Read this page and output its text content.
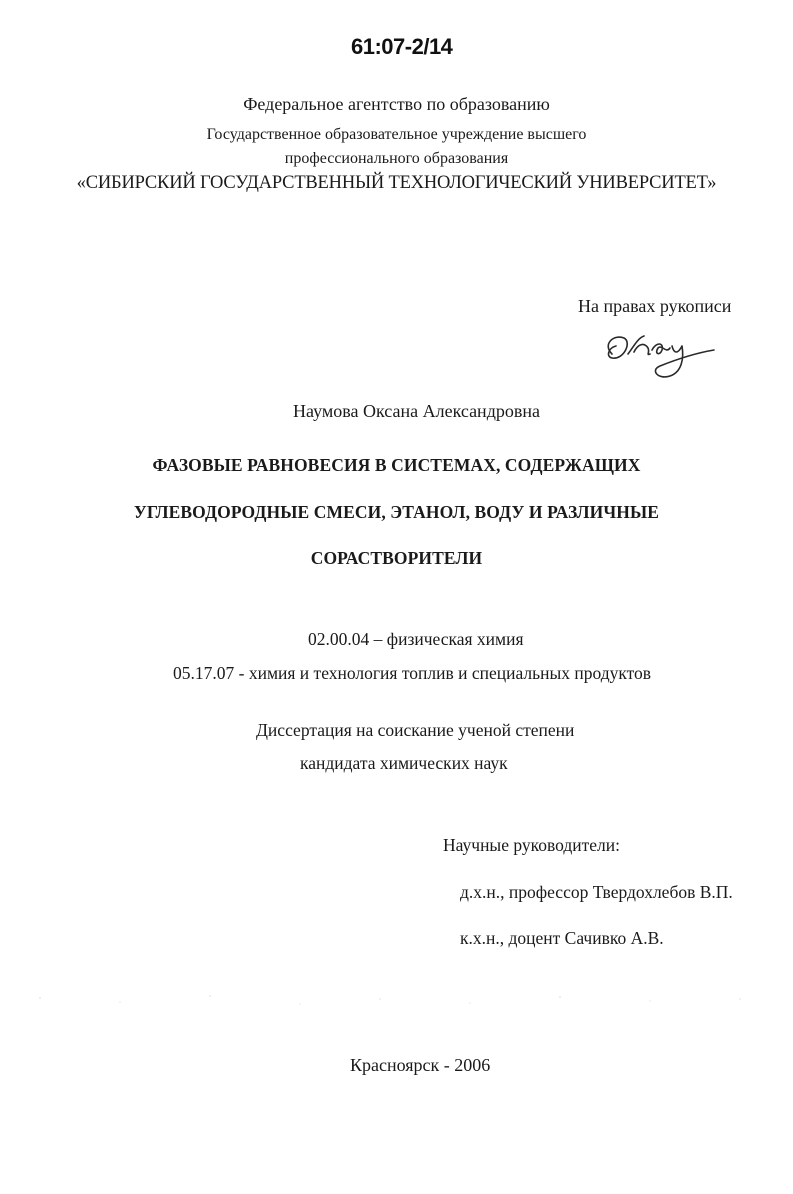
61:07-2/14
Федеральное агентство по образованию
Государственное образовательное учреждение высшего
профессионального образования
«СИБИРСКИЙ ГОСУДАРСТВЕННЫЙ ТЕХНОЛОГИЧЕСКИЙ УНИВЕРСИТЕТ»
На правах рукописи
Наумова Оксана Александровна
ФАЗОВЫЕ РАВНОВЕСИЯ В СИСТЕМАХ, СОДЕРЖАЩИХ
УГЛЕВОДОРОДНЫЕ СМЕСИ, ЭТАНОЛ, ВОДУ И РАЗЛИЧНЫЕ
СОРАСТВОРИТЕЛИ
02.00.04 – физическая химия
05.17.07 - химия и технология топлив и специальных продуктов
Диссертация на соискание ученой степени
кандидата химических наук
Научные руководители:
д.х.н., профессор Твердохлебов В.П.
к.х.н., доцент Сачивко А.В.
Красноярск - 2006
